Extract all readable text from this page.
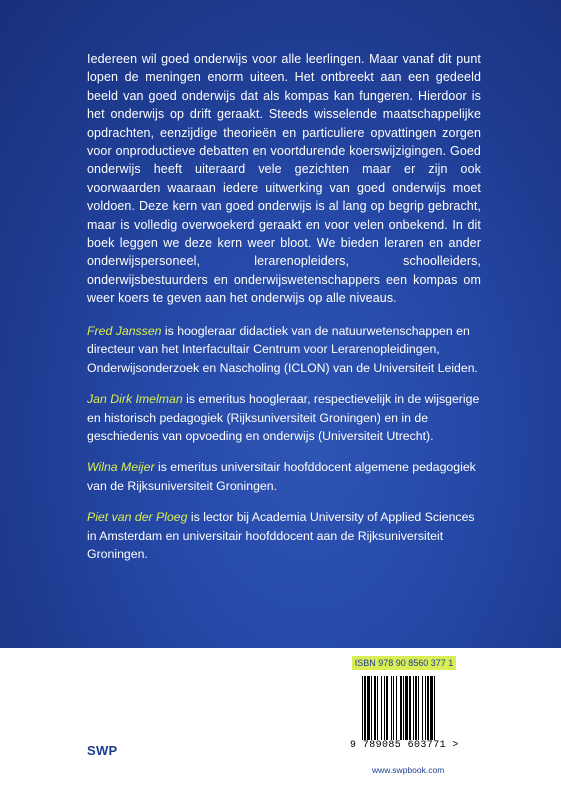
Iedereen wil goed onderwijs voor alle leerlingen. Maar vanaf dit punt lopen de meningen enorm uiteen. Het ontbreekt aan een gedeeld beeld van goed onderwijs dat als kompas kan fungeren. Hierdoor is het onderwijs op drift geraakt. Steeds wisselende maatschappelijke opdrachten, eenzijdige theorieën en particuliere opvattingen zorgen voor onproductieve debatten en voortdurende koerswijzigingen. Goed onderwijs heeft uiteraard vele gezichten maar er zijn ook voorwaarden waaraan iedere uitwerking van goed onderwijs moet voldoen. Deze kern van goed onderwijs is al lang op begrip gebracht, maar is volledig overwoekerd geraakt en voor velen onbekend. In dit boek leggen we deze kern weer bloot. We bieden leraren en ander onderwijspersoneel, lerarenopleiders, schoolleiders, onderwijsbestuurders en onderwijswetenschappers een kompas om weer koers te geven aan het onderwijs op alle niveaus.

Fred Janssen is hoogleraar didactiek van de natuurwetenschappen en directeur van het Interfacultair Centrum voor Lerarenopleidingen, Onderwijsonderzoek en Nascholing (ICLON) van de Universiteit Leiden.

Jan Dirk Imelman is emeritus hoogleraar, respectievelijk in de wijsgerige en historisch pedagogiek (Rijksuniversiteit Groningen) en in de geschiedenis van opvoeding en onderwijs (Universiteit Utrecht).

Wilna Meijer is emeritus universitair hoofddocent algemene pedagogiek van de Rijksuniversiteit Groningen.

Piet van der Ploeg is lector bij Academia University of Applied Sciences in Amsterdam en universitair hoofddocent aan de Rijksuniversiteit Groningen.

SWP
ISBN 978 90 8560 377 1
9 789085 603771 >
www.swpbook.com
